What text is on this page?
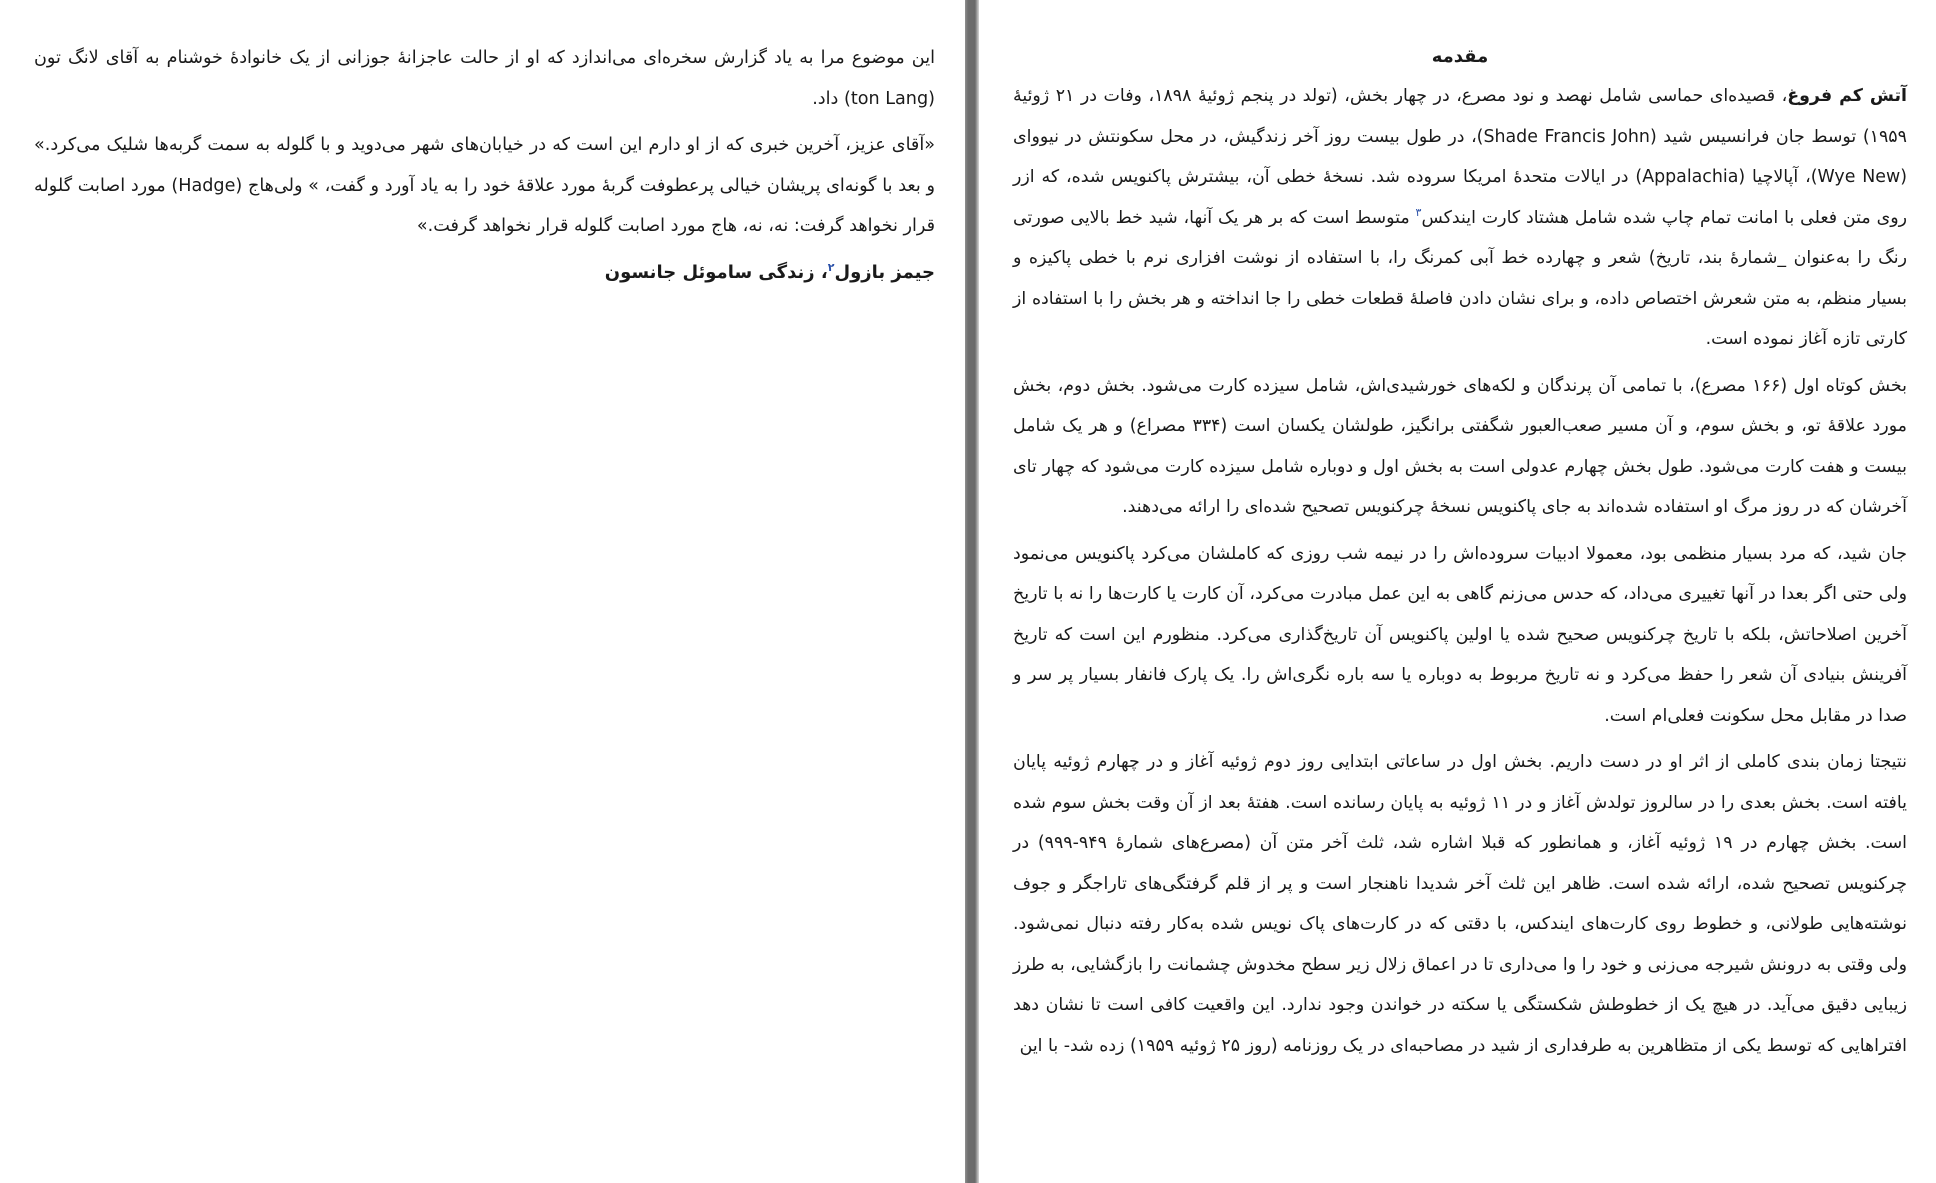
این موضوع مرا به یاد گزارش سخره‌ای می‌اندازد که او از حالت عاجزانهٔ جوزانی از یک خانوادهٔ خوشنام به آقای لانگ تون (ton Lang) داد.

«آقای عزیز، آخرین خبری که از او دارم این است که در خیابان‌های شهر می‌دوید و با گلوله به سمت گربه‌ها شلیک می‌کرد.» و بعد با گونه‌ای پریشان خیالی پرعطوفت گربهٔ مورد علاقهٔ خود را به یاد آورد و گفت، » ولی‌هاج (Hadge) مورد اصابت گلوله قرار نخواهد گرفت: نه، نه، هاج مورد اصابت گلوله قرار نخواهد گرفت.»

جیمز بازول$^۲$، زندگی ساموئل جانسون
مقدمه

آتش کم فروغ، قصیده‌ای حماسی شامل نهصد و نود مصرع، در چهار بخش، (تولد در پنجم ژوئیهٔ ۱۸۹۸، وفات در ۲۱ ژوئیهٔ ۱۹۵۹) توسط جان فرانسیس شید (Shade Francis John)، در طول بیست روز آخر زندگیش، در محل سکونتش در نیووای (Wye New)، آپالاچیا (Appalachia) در ایالات متحدهٔ امریکا سروده شد. نسخهٔ خطی آن، بیشترش پاکنویس شده، که ازر روی متن فعلی با امانت تمام چاپ شده شامل هشتاد کارت ایندکس$^۳$ متوسط است که بر هر یک آنها، شید خط بالایی صورتی رنگ را به‌عنوان _شمارهٔ بند، تاریخ) شعر و چهارده خط آبی کمرنگ را، با استفاده از نوشت افزاری نرم با خطی پاکیزه و بسیار منظم، به متن شعرش اختصاص داده، و برای نشان دادن فاصلهٔ قطعات خطی را جا انداخته و هر بخش را با استفاده از کارتی تازه آغاز نموده است.

بخش کوتاه اول (۱۶۶ مصرع)، با تمامی آن پرندگان و لکه‌های خورشیدی‌اش، شامل سیزده کارت می‌شود. بخش دوم، بخش مورد علاقهٔ تو، و بخش سوم، و آن مسیر صعب‌العبور شگفتی برانگیز، طولشان یکسان است (۳۳۴ مصراع) و هر یک شامل بیست و هفت کارت می‌شود. طول بخش چهارم عدولی است به بخش اول و دوباره شامل سیزده کارت می‌شود که چهار تای آخرشان که در روز مرگ او استفاده شده‌اند به جای پاکنویس نسخهٔ چرکنویس تصحیح شده‌ای را ارائه می‌دهند.

جان شید، که مرد بسیار منظمی بود، معمولا ادبیات سروده‌اش را در نیمه شب روزی که کاملشان می‌کرد پاکنویس می‌نمود ولی حتی اگر بعدا در آنها تغییری می‌داد، که حدس می‌زنم گاهی به این عمل مبادرت می‌کرد، آن کارت یا کارت‌ها را نه با تاریخ آخرین اصلاحاتش، بلکه با تاریخ چرکنویس صحیح شده یا اولین پاکنویس آن تاریخ‌گذاری می‌کرد. منظورم این است که تاریخ آفرینش بنیادی آن شعر را حفظ می‌کرد و نه تاریخ مربوط به دوباره یا سه باره نگری‌اش را. یک پارک فانفار بسیار پر سر و صدا در مقابل محل سکونت فعلی‌ام است.

نتیجتا زمان بندی کاملی از اثر او در دست داریم. بخش اول در ساعاتی ابتدایی روز دوم ژوئیه آغاز و در چهارم ژوئیه پایان یافته است. بخش بعدی را در سالروز تولدش آغاز و در ۱۱ ژوئیه به پایان رسانده است. هفتهٔ بعد از آن وقت بخش سوم شده است. بخش چهارم در ۱۹ ژوئیه آغاز، و همانطور که قبلا اشاره شد، ثلث آخر متن آن (مصرع‌های شمارهٔ ۹۴۹-۹۹۹) در چرکنویس تصحیح شده، ارائه شده است. ظاهر این ثلث آخر شدیدا ناهنجار است و پر از قلم گرفتگی‌های تاراجگر و جوف نوشته‌هایی طولانی، و خطوط روی کارت‌های ایندکس، با دقتی که در کارت‌های پاک نویس شده به‌کار رفته دنبال نمی‌شود. ولی وقتی به درونش شیرجه می‌زنی و خود را وا می‌داری تا در اعماق زلال زیر سطح مخدوش چشمانت را بازگشایی، به طرز زیبایی دقیق می‌آید. در هیچ یک از خطوطش شکستگی یا سکته در خواندن وجود ندارد. این واقعیت کافی است تا نشان دهد افتراهایی که توسط یکی از متظاهرین به طرفداری از شید در مصاحبه‌ای در یک روزنامه (روز ۲۵ ژوئیه ۱۹۵۹) زده شد- با این
